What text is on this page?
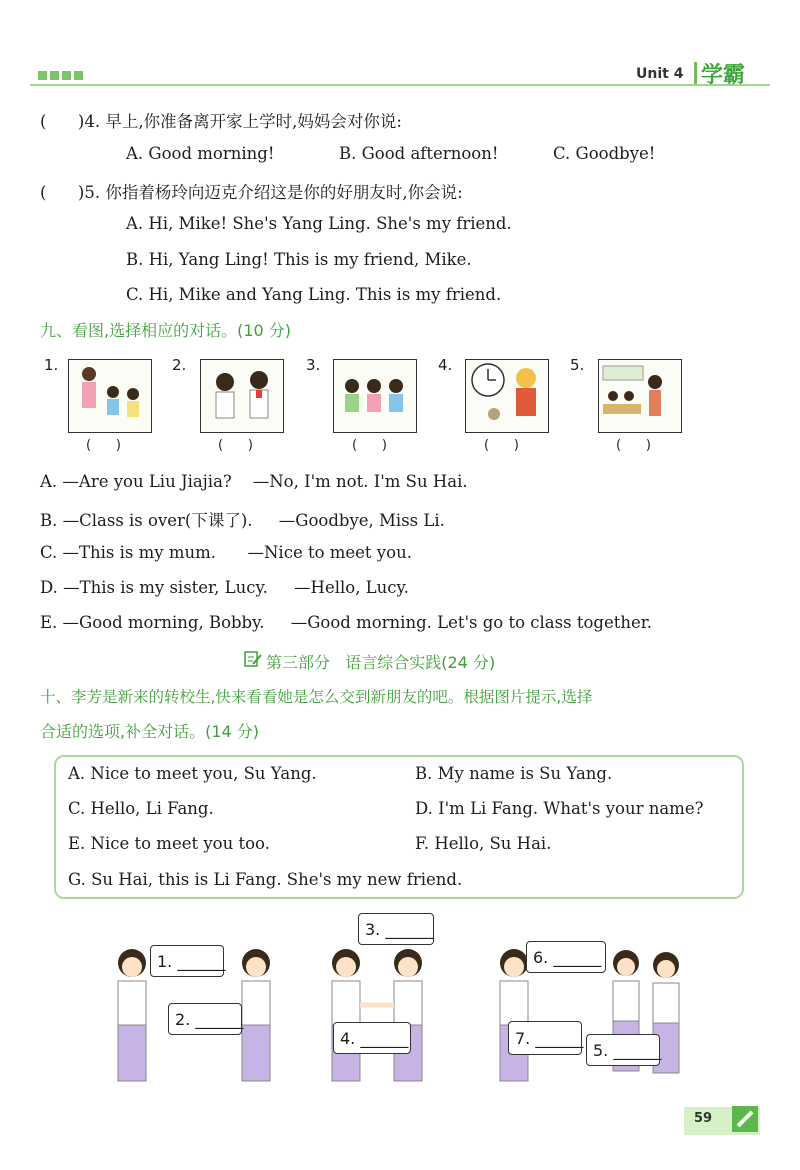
Unit 4 学霸
(      )4. 早上,你准备离开家上学时,妈妈会对你说:
A. Good morning!	B. Good afternoon!	C. Goodbye!
(      )5. 你指着杨玲向迈克介绍这是你的好朋友时,你会说:
A. Hi, Mike! She's Yang Ling. She's my friend.
B. Hi, Yang Ling! This is my friend, Mike.
C. Hi, Mike and Yang Ling. This is my friend.
九、看图,选择相应的对话。(10 分)
1.
(      )
2.
(      )
3.
(      )
4.
(      )
5.
(      )
A. —Are you Liu Jiajia?    —No, I'm not. I'm Su Hai.
B. —Class is over(下课了).     —Goodbye, Miss Li.
C. —This is my mum.      —Nice to meet you.
D. —This is my sister, Lucy.     —Hello, Lucy.
E. —Good morning, Bobby.     —Good morning. Let's go to class together.
第三部分   语言综合实践(24 分)
十、李芳是新来的转校生,快来看看她是怎么交到新朋友的吧。根据图片提示,选择
合适的选项,补全对话。(14 分)
A. Nice to meet you, Su Yang.	B. My name is Su Yang.
C. Hello, Li Fang.	D. I'm Li Fang. What's your name?
E. Nice to meet you too.	F. Hello, Su Hai.
G. Su Hai, this is Li Fang. She's my new friend.
1. ______
2. ______
3. ______
4. ______
5. ______
6. ______
7. ______
59
